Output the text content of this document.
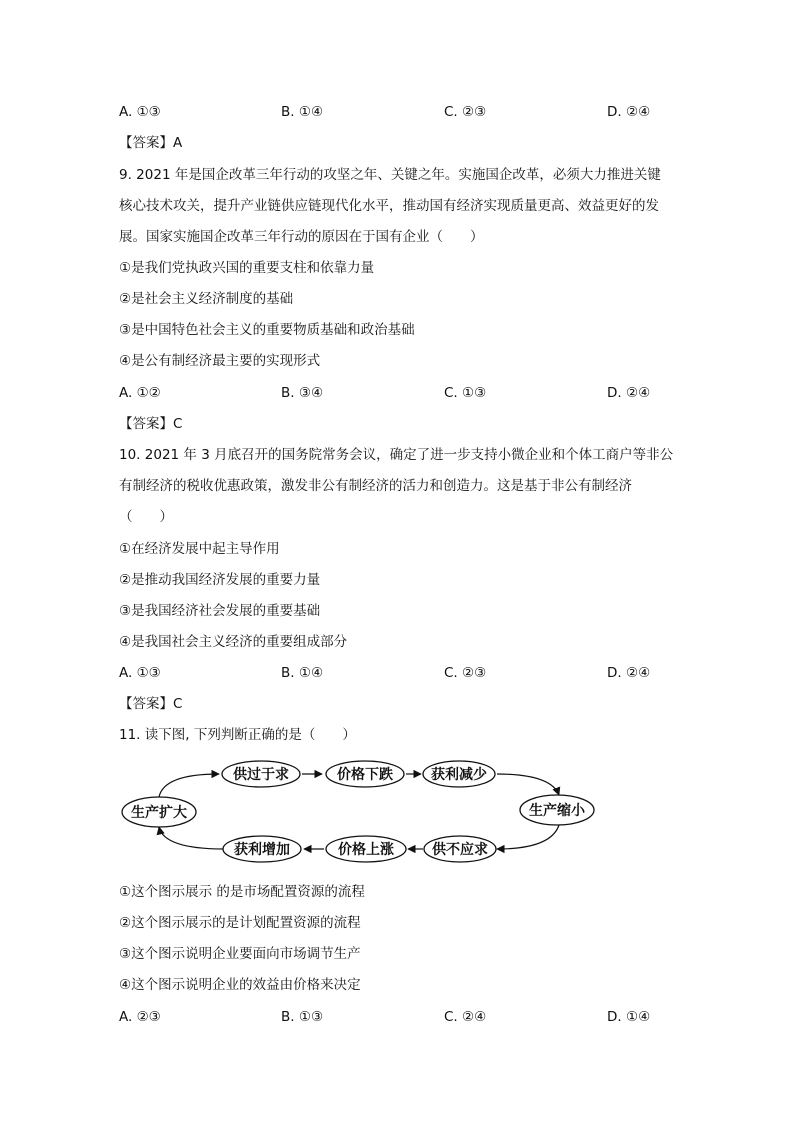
A. ①③	B. ①④	C. ②③	D. ②④
【答案】A
9. 2021 年是国企改革三年行动的攻坚之年、关键之年。实施国企改革，必须大力推进关键
核心技术攻关，提升产业链供应链现代化水平，推动国有经济实现质量更高、效益更好的发
展。国家实施国企改革三年行动的原因在于国有企业（　　）
①是我们党执政兴国的重要支柱和依靠力量
②是社会主义经济制度的基础
③是中国特色社会主义的重要物质基础和政治基础
④是公有制经济最主要的实现形式
A. ①②	B. ③④	C. ①③	D. ②④
【答案】C
10. 2021 年 3 月底召开的国务院常务会议，确定了进一步支持小微企业和个体工商户等非公
有制经济的税收优惠政策，激发非公有制经济的活力和创造力。这是基于非公有制经济
（　　）
①在经济发展中起主导作用
②是推动我国经济发展的重要力量
③是我国经济社会发展的重要基础
④是我国社会主义经济的重要组成部分
A. ①③	B. ①④	C. ②③	D. ②④
【答案】C
11. 读下图, 下列判断正确的是（　　）
生产扩大
供过于求	价格下跌	获利减少
生产缩小
供不应求
价格上涨
获利增加
①这个图示展示 的是市场配置资源的流程
②这个图示展示的是计划配置资源的流程
③这个图示说明企业要面向市场调节生产
④这个图示说明企业的效益由价格来决定
A. ②③	B. ①③	C. ②④	D. ①④
